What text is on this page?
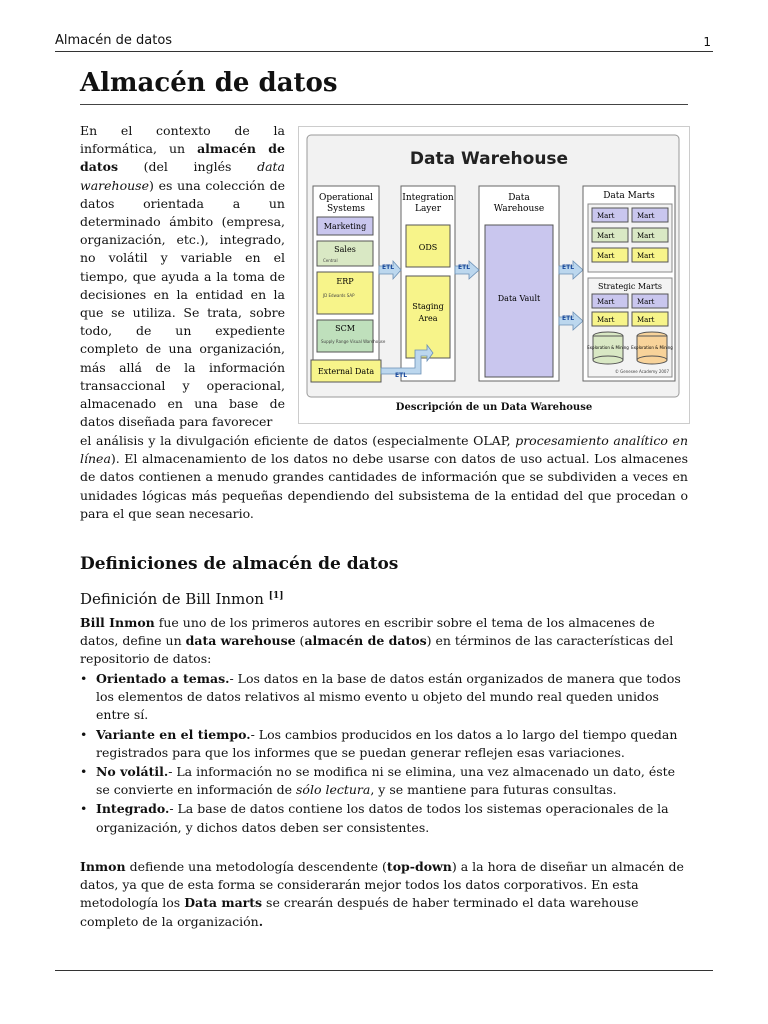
Almacén de datos	1
Almacén de datos

En el contexto de la informática, un almacén de datos (del inglés data warehouse) es una colección de datos orientada a un determinado ámbito (empresa, organización, etc.), integrado, no volátil y variable en el tiempo, que ayuda a la toma de decisiones en la entidad en la que se utiliza. Se trata, sobre todo, de un expediente completo de una organización, más allá de la información transaccional y operacional, almacenado en una base de datos diseñada para favorecer

Data Warehouse
Operational
Systems
Marketing
Sales
Central
ERP
JD Edwards SAP
SCM
Supply Range Visual Warehouse
External Data
Integration
Layer
ODS
Staging
Area
Data
Warehouse
Data Vault
ETL	ETL	ETL
ETL
ETL
Data Marts
Mart	Mart
Mart	Mart
Mart	Mart
Strategic Marts
Mart	Mart
Mart	Mart
Exploration & Mining Exploration & Mining
© Genesee Academy 2007
Descripción de un Data Warehouse

el análisis y la divulgación eficiente de datos (especialmente OLAP, procesamiento analítico en línea). El almacenamiento de los datos no debe usarse con datos de uso actual. Los almacenes de datos contienen a menudo grandes cantidades de información que se subdividen a veces en unidades lógicas más pequeñas dependiendo del subsistema de la entidad del que procedan o para el que sean necesario.

Definiciones de almacén de datos
Definición de Bill Inmon [1]

Bill Inmon fue uno de los primeros autores en escribir sobre el tema de los almacenes de datos, define un data warehouse (almacén de datos) en términos de las características del repositorio de datos:

• Orientado a temas.- Los datos en la base de datos están organizados de manera que todos los elementos de datos relativos al mismo evento u objeto del mundo real queden unidos entre sí.
• Variante en el tiempo.- Los cambios producidos en los datos a lo largo del tiempo quedan registrados para que los informes que se puedan generar reflejen esas variaciones.
• No volátil.- La información no se modifica ni se elimina, una vez almacenado un dato, éste se convierte en información de sólo lectura, y se mantiene para futuras consultas.
• Integrado.- La base de datos contiene los datos de todos los sistemas operacionales de la organización, y dichos datos deben ser consistentes.

Inmon defiende una metodología descendente (top-down) a la hora de diseñar un almacén de datos, ya que de esta forma se considerarán mejor todos los datos corporativos. En esta metodología los Data marts se crearán después de haber terminado el data warehouse completo de la organización.
